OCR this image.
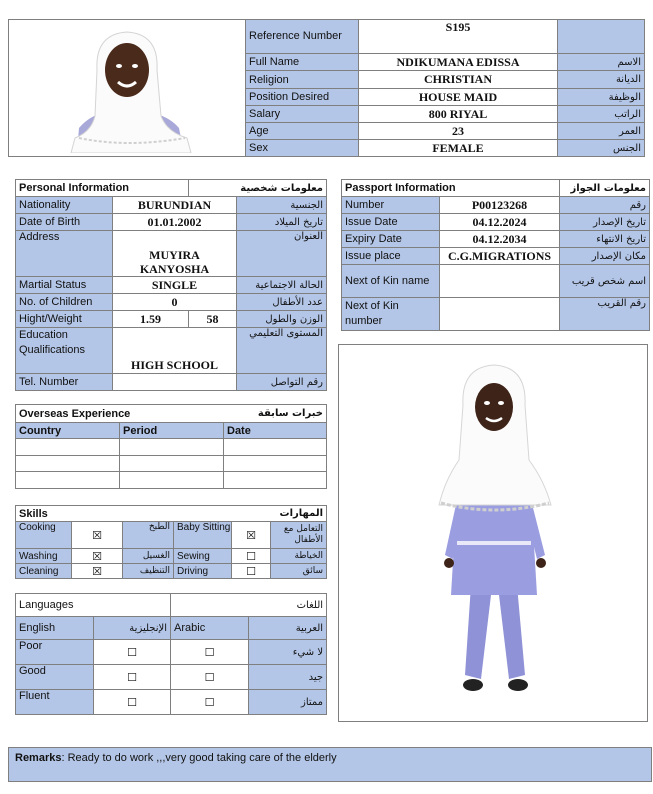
	Reference Number	S195	
	Full Name	NDIKUMANA EDISSA	الاسم
	Religion	CHRISTIAN	الديانة
	Position Desired	HOUSE MAID	الوظيفة
	Salary	800 RIYAL	الراتب
	Age	23	العمر
	Sex	FEMALE	الجنس
Personal Information		معلومات شخصية	
Nationality	BURUNDIAN		الجنسية
Date of Birth	01.01.2002		تاريخ الميلاد
Address	MUYIRA KANYOSHA		العنوان
Martial Status	SINGLE		الحالة الاجتماعية
No. of Children	0		عدد الأطفال
Hight/Weight	1.59	58	الوزن والطول
Education Qualifications	HIGH SCHOOL		المستوى التعليمي
Tel. Number			رقم التواصل
Passport Information		معلومات الجواز
Number	P00123268	رقم
Issue Date	04.12.2024	تاريخ الإصدار
Expiry Date	04.12.2034	تاريخ الانتهاء
Issue place	C.G.MIGRATIONS	مكان الإصدار
Next of Kin name		اسم شخص قريب
Next of Kin number		رقم القريب
Overseas Experience		خبرات سابقة
Country	Period	Date

Skills			المهارات		
Cooking	☒	الطبخ	Baby Sitting	☒	التعامل مع الأطفال
Washing	☒	الغسيل	Sewing	☐	الخياطة
Cleaning	☒	التنظيف	Driving	☐	سائق
Languages		اللغات	
English	الإنجليزية	Arabic	العربية
Poor	☐	☐	لا شيء
Good	☐	☐	جيد
Fluent	☐	☐	ممتاز
Remarks: Ready to do work ,,,very good taking care of the elderly
